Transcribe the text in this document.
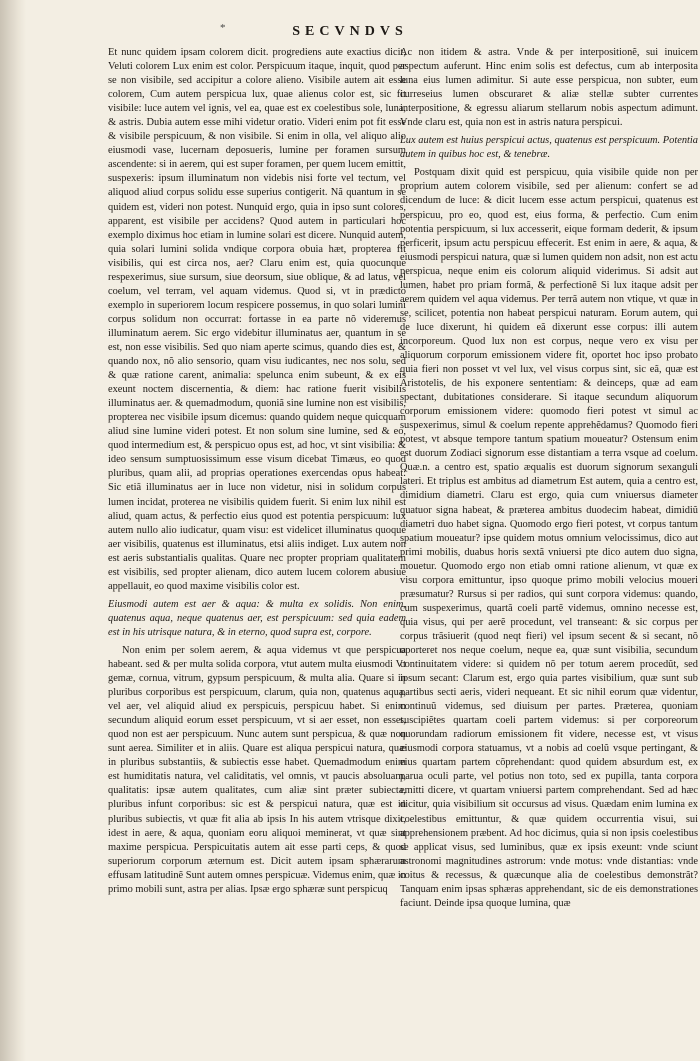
*	SECVNDVS

Et nunc quidem ipsam colorem dicit. progrediens aute exactius dicit, Veluti colorem Lux enim est color. Perspicuum itaque, inquit, quod per se non visibile, sed accipitur a colore alieno. Visibile autem ait esse colorem, Cum autem perspicua lux, quae alienus color est, sic fit visibile: luce autem vel ignis, vel ea, quae est ex coelestibus sole, luna, & astris. Dubia autem esse mihi videtur oratio. Videri enim pot fit esse & visibile perspicuum, & non visibile. Si enim in olla, vel aliquo alio eiusmodi vase, lucernam deposueris, lumine per foramen sursum ascendente: si in aerem, qui est super foramen, per quem lucem emittit, suspexeris: ipsum illuminatum non videbis nisi forte vel tectum, vel aliquod aliud corpus solidu esse superius contigerit. Nã quantum in se quidem est, videri non potest. Nunquid ergo, quia in ipso sunt colores, apparent, est visibile per accidens? Quod autem in particulari hoc exemplo diximus hoc etiam in lumine solari est dicere. Nunquid autem, quia solari lumini solida vndique corpora obuia hæt, propterea fit visibilis, qui est circa nos, aer? Claru enim est, quia quocunque respexerimus, siue sursum, siue deorsum, siue oblique, & ad latus, vel coelum, vel terram, vel aquam videmus. Quod si, vt in prædicto exemplo in superiorem locum respicere possemus, in quo solari lumini corpus solidum non occurrat: fortasse in ea parte nõ videremus illuminatum aerem. Sic ergo videbitur illuminatus aer, quantum in se est, non esse visibilis. Sed quo niam aperte scimus, quando dies est, & quando nox, nõ alio sensorio, quam visu iudicantes, nec nos solu, sed & quæ ratione carent, animalia: spelunca enim subeunt, & ex eis exeunt noctem discernentia, & diem: hac ratione fuerit visibilis illuminatus aer. & quemadmodum, quoniã sine lumine non est visibilis, propterea nec visibile ipsum dicemus: quando quidem neque quicquam aliud sine lumine videri potest. Et non solum sine lumine, sed & eo, quod intermedium est, & perspicuo opus est, ad hoc, vt sint visibilia: & ideo sensum sumptuosissimum esse visum dicebat Timæus, eo quod pluribus, quam alii, ad proprias operationes exercendas opus habeat: Sic etiã illuminatus aer in luce non videtur, nisi in solidum corpus lumen incidat, proterea ne visibilis quidem fuerit. Si enim lux nihil est aliud, quam actus, & perfectio eius quod est potentia perspicuum: lux autem nullo alio iudicatur, quam visu: est videlicet illuminatus quoque aer visibilis, quatenus est illuminatus, etsi aliis indiget. Lux autem non est aeris substantialis qualitas. Quare nec propter propriam qualitatem est visibilis, sed propter alienam, dico autem lucem colorem abusiue appellauit, eo quod maxime visibilis color est.

Eiusmodi autem est aer & aqua: & multa ex solidis. Non enim, quatenus aqua, neque quatenus aer, est perspicuum: sed quia eadem est in his utrisque natura, & in eterno, quod supra est, corpore.

Non enim per solem aerem, & aqua videmus vt que perspicua habeant. sed & per multa solida corpora, vtut autem multa eiusmodi Vt gemæ, cornua, vitrum, gypsum perspicuum, & multa alia. Quare si in pluribus corporibus est perspicuum, clarum, quia non, quatenus aqua, vel aer, vel aliquid aliud ex perspicuis, perspicuu habet. Si enim secundum aliquid eorum esset perspicuum, vt si aer esset, non esset, quod non est aer perspicuum. Nunc autem sunt perspicua, & quæ non sunt aerea. Similiter et in aliis. Quare est aliqua perspicui natura, quæ in pluribus substantiis, & subiectis esse habet. Quemadmodum enim est humiditatis natura, vel caliditatis, vel omnis, vt paucis absoluam, qualitatis: ipsæ autem qualitates, cum aliæ sint præter subiecta, pluribus infunt corporibus: sic est & perspicui natura, quæ est in pluribus subiectis, vt quæ fit alia ab ipsis In his autem vtrisque dixit, idest in aere, & aqua, quoniam eoru aliquoi meminerat, vt quæ sint maxime perspicua. Perspicuitatis autem ait esse parti ceps, & quod superiorum corporum æternum est. Dicit autem ipsam sphærarum effusam latitudinẽ Sunt autem omnes perspicuæ. Videmus enim, quæ in primo mobili sunt, astra per alias. Ipsæ ergo sphæræ sunt perspicuq

Ac non itidem & astra. Vnde & per interpositionẽ, sui inuicem aspectum auferunt. Hinc enim solis est defectus, cum ab interposita luna eius lumen adimitur. Si aute esse perspicua, non subter, eum curreseius lumen obscuraret & aliæ stellæ subter currentes interpositione, & egressu aliarum stellarum nobis aspectum adimunt. Vnde claru est, quia non est in astris natura perspicui.

Lux autem est huius perspicui actus, quatenus est perspicuum. Potentia autem in quibus hoc est, & tenebræ.

Postquam dixit quid est perspicuu, quia visibile quide non per proprium autem colorem visibile, sed per alienum: confert se ad dicendum de luce: & dicit lucem esse actum perspicui, quatenus est perspicuu, pro eo, quod est, eius forma, & perfectio. Cum enim potentia perspicuum, si lux accesserit, eique formam dederit, & ipsum perficerit, ipsum actu perspicuu effecerit. Est enim in aere, & aqua, & eiusmodi perspicui natura, quæ si lumen quidem non adsit, non est actu perspicua, neque enim eis colorum aliquid viderimus. Si adsit aut lumen, habet pro priam formã, & perfectionẽ Si lux itaque adsit per aerem quidem vel aqua videmus. Per terrã autem non vtique, vt quæ in se, scilicet, potentia non habeat perspicui naturam. Eorum autem, qui de luce dixerunt, hi quidem eã dixerunt esse corpus: illi autem incorporeum. Quod lux non est corpus, neque vero ex visu per aliquorum corporum emissionem videre fit, oportet hoc ipso probato quia fieri non posset vt vel lux, vel visus corpus sint, sic eã, quæ est Aristotelis, de his exponere sententiam: & deinceps, quæ ad eam spectant, dubitationes considerare. Si itaque secundum aliquorum corporum emissionem videre: quomodo fieri potest vt simul ac suspexerimus, simul & coelum repente apprehẽdamus? Quomodo fieri potest, vt absque tempore tantum spatium moueatur? Ostensum enim est duorum Zodiaci signorum esse distantiam a terra vsque ad coelum. Quæ.n. a centro est, spatio æqualis est duorum signorum sexanguli lateri. Et triplus est ambitus ad diametrum Est autem, quia a centro est, dimidium diametri. Claru est ergo, quia cum vniuersus diameter quatuor signa habeat, & præterea ambitus duodecim habeat, dimidiũ diametri duo habet signa. Quomodo ergo fieri potest, vt corpus tantum spatium moueatur? ipse quidem motus omnium velocissimus, dico aut primi mobilis, duabus horis sextã vniuersi pte dico autem duo signa, mouetur. Quomodo ergo non etiab omni ratione alienum, vt quæ ex visu corpora emittuntur, ipso quoque primo mobili velocius moueri præsumatur? Rursus si per radios, qui sunt corpora videmus: quando, cum suspexerimus, quartã coeli partẽ videmus, omnino necesse est, quia visus, qui per aerẽ procedunt, vel transeant: & sic corpus per corpus trãsiuerit (quod neqt fieri) vel ipsum secent & si secant, nõ oporteret nos neque coelum, neque ea, quæ sunt visibilia, secundum continuitatem videre: si quidem nõ per totum aerem procedũt, sed ipsum secant: Clarum est, ergo quia partes visibilium, quæ sunt sub partibus secti aeris, videri nequeant. Et sic nihil eorum quæ videntur, continuũ videmus, sed diuisum per partes. Præterea, quoniam suscipiẽtes quartam coeli partem videmus: si per corporeorum quorundam radiorum emissionem fit videre, necesse est, vt visus eiusmodi corpora statuamus, vt a nobis ad coelũ vsque pertingant, & eius quartam partem cõprehendant: quod quidem absurdum est, ex parua oculi parte, vel potius non toto, sed ex pupilla, tanta corpora emitti dicere, vt quartam vniuersi partem comprehendant. Sed ad hæc dicitur, quia visibilium sit occursus ad visus. Quædam enim lumina ex coelestibus emittuntur, & quæ quidem occurrentia visui, sui apprehensionem præbent. Ad hoc dicimus, quia si non ipsis coelestibus se applicat visus, sed luminibus, quæ ex ipsis exeunt: vnde sciunt astronomi magnitudines astrorum: vnde motus: vnde distantias: vnde coitus & recessus, & quæcunque alia de coelestibus demonstrãt? Tanquam enim ipsas sphæras apprehendant, sic de eis demonstrationes faciunt. Deinde ipsa quoque lumina, quæ
